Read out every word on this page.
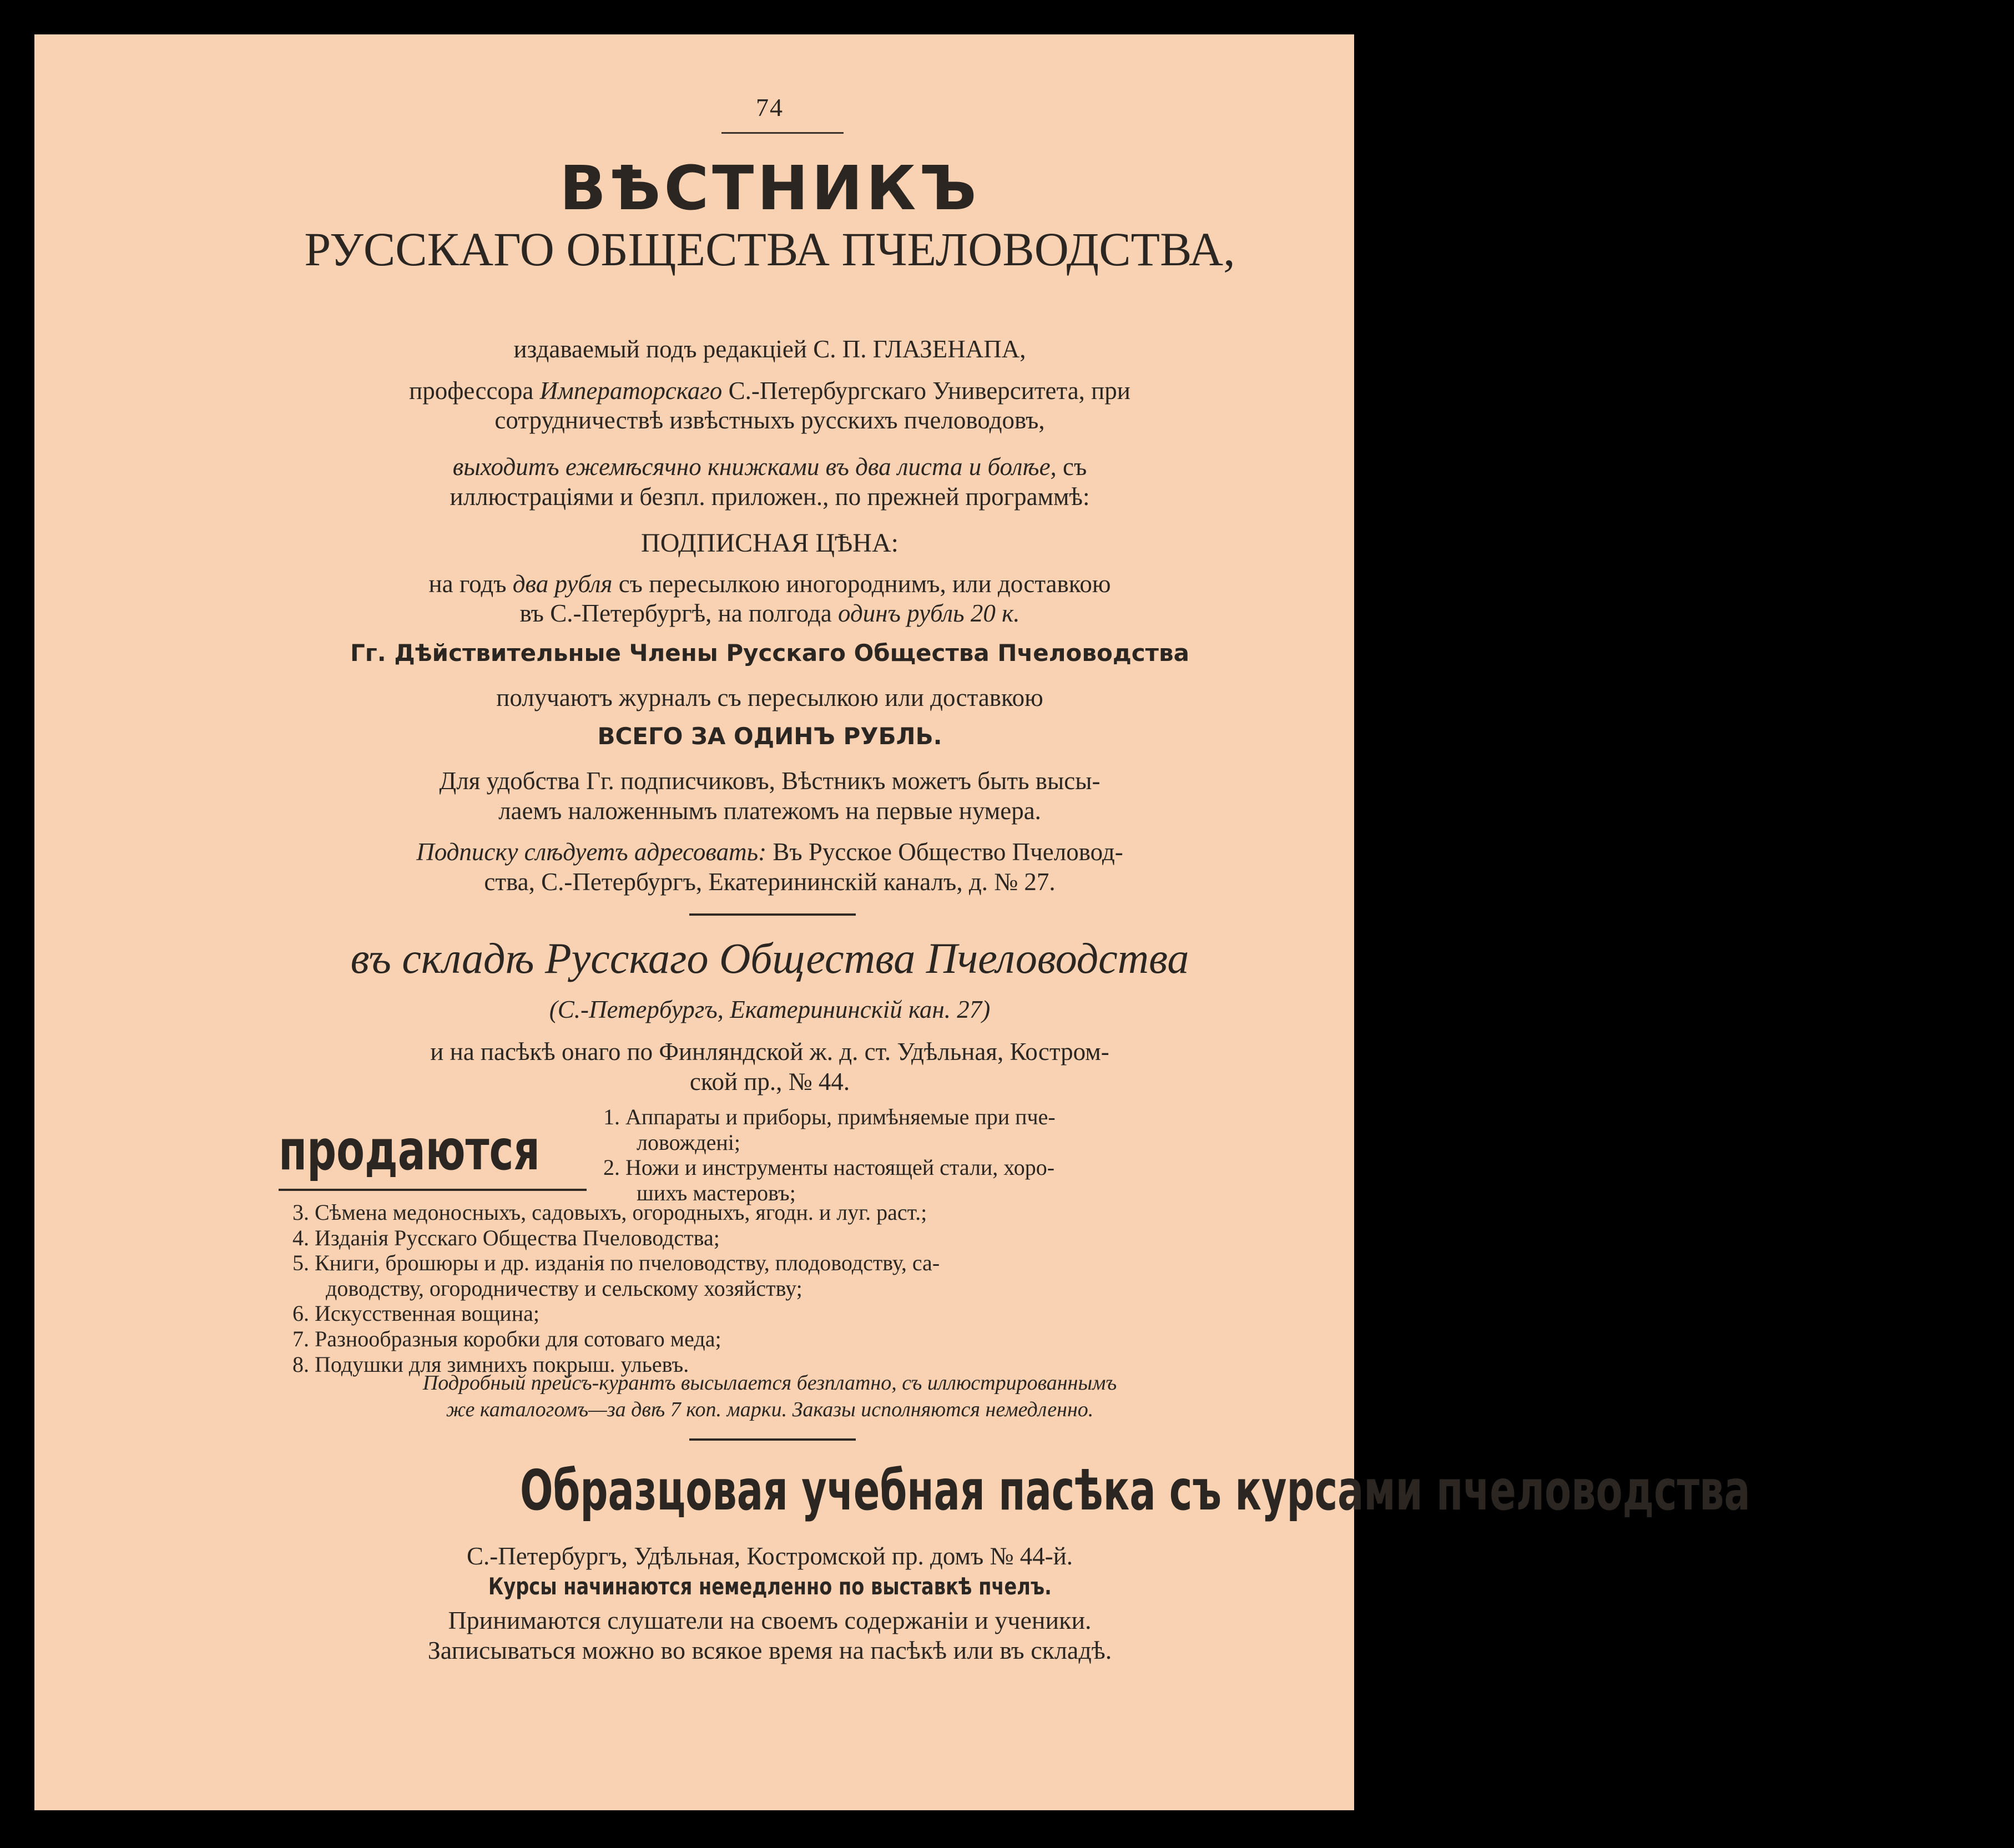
74
ВѢСТНИКЪ
РУССКАГО ОБЩЕСТВА ПЧЕЛОВОДСТВА,
издаваемый подъ редакціей С. П. ГЛАЗЕНАПА,
профессора Императорскаго С.-Петербургскаго Университета, при
сотрудничествѣ извѣстныхъ русскихъ пчеловодовъ,
выходитъ ежемѣсячно книжками въ два листа и болѣе, съ
иллюстраціями и безпл. приложен., по прежней программѣ:
ПОДПИСНАЯ ЦѢНА:
на годъ два рубля съ пересылкою иногороднимъ, или доставкою
въ С.-Петербургѣ, на полгода одинъ рубль 20 к.
Гг. Дѣйствительные Члены Русскаго Общества Пчеловодства
получаютъ журналъ съ пересылкою или доставкою
ВСЕГО ЗА ОДИНЪ РУБЛЬ.
Для удобства Гг. подписчиковъ, Вѣстникъ можетъ быть высы-
лаемъ наложеннымъ платежомъ на первые нумера.
Подписку слѣдуетъ адресовать: Въ Русское Общество Пчеловод-
ства, С.-Петербургъ, Екатерининскій каналъ, д. № 27.
въ складѣ Русскаго Общества Пчеловодства
(С.-Петербургъ, Екатерининскій кан. 27)
и на пасѣкѣ онаго по Финляндской ж. д. ст. Удѣльная, Костром-
ской пр., № 44.
продаются
1. Аппараты и приборы, примѣняемые при пче-
ловождені;
2. Ножи и инструменты настоящей стали, хоро-
шихъ мастеровъ;
3. Сѣмена медоносныхъ, садовыхъ, огородныхъ, ягодн. и луг. раст.;
4. Изданія Русскаго Общества Пчеловодства;
5. Книги, брошюры и др. изданія по пчеловодству, плодоводству, са-
доводству, огородничеству и сельскому хозяйству;
6. Искусственная вощина;
7. Разнообразныя коробки для сотоваго меда;
8. Подушки для зимнихъ покрыш. ульевъ.
Подробный прейсъ-курантъ высылается безплатно, съ иллюстрированнымъ
же каталогомъ—за двѣ 7 коп. марки. Заказы исполняются немедленно.
Образцовая учебная пасѣка съ курсами пчеловодства
С.-Петербургъ, Удѣльная, Костромской пр. домъ № 44-й.
Курсы начинаются немедленно по выставкѣ пчелъ.
Принимаются слушатели на своемъ содержаніи и ученики.
Записываться можно во всякое время на пасѣкѣ или въ складѣ.
